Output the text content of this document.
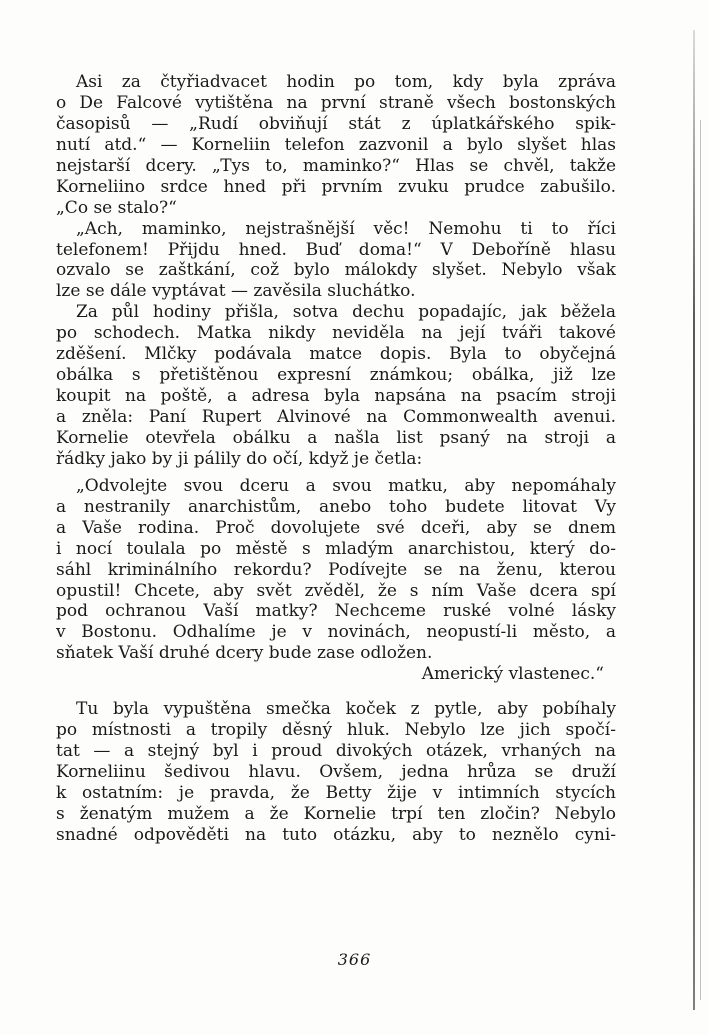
Asi za čtyřiadvacet hodin po tom, kdy byla zpráva
o De Falcové vytištěna na první straně všech bostonských
časopisů — „Rudí obviňují stát z úplatkářského spik-
nutí atd.“ — Korneliin telefon zazvonil a bylo slyšet hlas
nejstarší dcery. „Tys to, maminko?“ Hlas se chvěl, takže
Korneliino srdce hned při prvním zvuku prudce zabušilo.
„Co se stalo?“
„Ach, maminko, nejstrašnější věc! Nemohu ti to říci
telefonem! Přijdu hned. Buď doma!“ V Deboříně hlasu
ozvalo se zaštkání, což bylo málokdy slyšet. Nebylo však
lze se dále vyptávat — zavěsila sluchátko.
Za půl hodiny přišla, sotva dechu popadajíc, jak běžela
po schodech. Matka nikdy neviděla na její tváři takové
zděšení. Mlčky podávala matce dopis. Byla to obyčejná
obálka s přetištěnou expresní známkou; obálka, již lze
koupit na poště, a adresa byla napsána na psacím stroji
a zněla: Paní Rupert Alvinové na Commonwealth avenui.
Kornelie otevřela obálku a našla list psaný na stroji a
řádky jako by ji pálily do očí, když je četla:
„Odvolejte svou dceru a svou matku, aby nepomáhaly
a nestranily anarchistům, anebo toho budete litovat Vy
a Vaše rodina. Proč dovolujete své dceři, aby se dnem
i nocí toulala po městě s mladým anarchistou, který do-
sáhl kriminálního rekordu? Podívejte se na ženu, kterou
opustil! Chcete, aby svět zvěděl, že s ním Vaše dcera spí
pod ochranou Vaší matky? Nechceme ruské volné lásky
v Bostonu. Odhalíme je v novinách, neopustí-li město, a
sňatek Vaší druhé dcery bude zase odložen.
Americký vlastenec.“
Tu byla vypuštěna smečka koček z pytle, aby pobíhaly
po místnosti a tropily děsný hluk. Nebylo lze jich spočí-
tat — a stejný byl i proud divokých otázek, vrhaných na
Korneliinu šedivou hlavu. Ovšem, jedna hrůza se druží
k ostatním: je pravda, že Betty žije v intimních stycích
s ženatým mužem a že Kornelie trpí ten zločin? Nebylo
snadné odpověděti na tuto otázku, aby to neznělo cyni-
366
